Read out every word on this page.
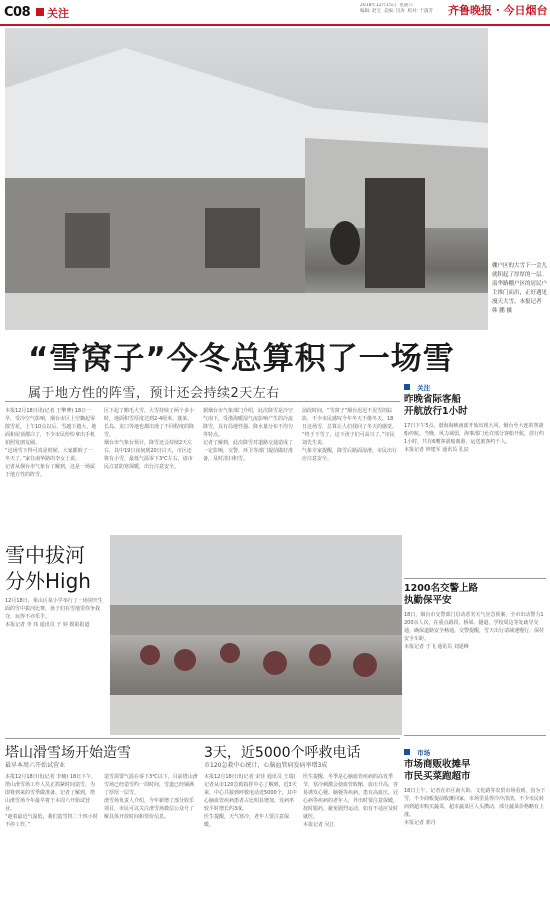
C08 关注
2018年12月15日  星期六
编辑: 赵宝  美编: 闫涛  校对: 于淑芳	齐鲁晚报 · 今日烟台
棚户区的大雪下一会儿就积起了厚厚的一层。南华路棚户区的居民户主推门而出，正好遇见漫天大雪。本报记者 韩 鹏 摄
“雪窝子”今冬总算积了一场雪
属于地方性的阵雪，预计还会持续2天左右
本报12月18日讯(记者 王擎博) 18日一早，受冷空气影响，烟台市区上空飘起零散雪花，上午10点以后，雪越下越大，地面和屋顶都白了，不少市民纷纷拿出手机拍照发朋友圈。
“这场雪下得可真是时候，大家都盼了一冬天了。”家住南华路的李女士说。
记者从烟台市气象台了解到，这是一场属于地方性的阵雪。
区下起了鹅毛大雪，大雪持续了两个多小时，地面积雪厚度达到2-4厘米。蓬莱、长岛、龙口等地也都出现了不同程度的降雪。
烟台市气象台预计，降雪还会持续2天左右，其中19日夜间到20日白天，市区还将有小雪，最低气温零下3℃左右，请市民注意防寒保暖，出行注意安全。
据烟台市气象部门介绍，此次降雪是冷空气南下，受渤海暖湿气流影响产生的冷流降雪，具有局地性强、降水量分布不均匀等特点。
记者了解到，此次降雪对道路交通造成了一定影响，交警、环卫等部门提前做好准备，及时清扫积雪。
前段时间，“雪窝子”烟台迟迟不见雪的踪影，不少市民感叹今年冬天不像冬天。18日这场雪，总算让人们找回了冬天的感觉。
“终于下雪了，这下孩子们可高兴了。”市民刘先生说。
气象专家提醒，降雪后路面湿滑，市民出行应注意安全。
关注
昨晚省际客船
开航放行1小时
17日下午5点，渤海海峡南部开始出现大风，烟台至大连的客滚船停航。当晚，风力减弱，海事部门允许部分客船开航，放行约1小时，共有6艘客滚船离港，运送旅客约千人。
本报记者 钟建军 通讯员 孔辰
1200名交警上路
执勤保平安
18日，烟台市交警部门启动恶劣天气应急预案，全市出动警力1200余人次，在重点路段、桥梁、隧道、学校周边等处疏导交通，确保道路安全畅通。交警提醒，雪天出行请减速慢行，保持安全车距。
本报记者 于飞 通讯员 刘延峰
市场
市场商贩收摊早
市民买菜跑超市
18日上午，记者在市区南大街、文化路等农贸市场看到，因为下雪，不少商贩提前收摊回家，市场里显得冷冷清清。不少市民转而到超市购买蔬菜，超市蔬菜区人头攒动，部分蔬菜价格略有上涨。
本报记者 郭丹
雪中拔河
分外High
12月18日，莱山区某小学举行了一场别开生面的雪中拔河比赛，孩子们在雪地里你争我夺，玩得不亦乐乎。
本报记者 李 玮 通讯员 于 婷 摄影报道
塔山滑雪场开始造雪
最早本周六开始试营业
本报12月18日讯(记者 李楠) 18日下午，塔山滑雪场工作人员正抓紧时间造雪，为即将到来的雪季做准备。记者了解到，塔山滑雪场今年最早将于本周六开始试营业。
“趁着最近气温低，我们造雪机二十四小时不停工作。”
造雪需要气温在零下3℃以下，目前塔山滑雪场已经造雪约一周时间，雪道已经铺满了厚厚一层雪。
滑雪场负责人介绍，今年新增了部分娱乐项目，市民可以关注滑雪场微信公众号了解具体开放时间和票价信息。
3天，近5000个呼救电话
市120急救中心统计，心脑血管病发病率增3成
本报12月18日讯(记者 宋佳 通讯员 王瑞) 记者从市120急救指挥中心了解到，近3天来，中心共接到呼救电话近5000个，其中心脑血管疾病患者占比明显增加，发病率较平时增长约3成。
医生提醒，天气寒冷，老年人要注意保暖。
医生提醒，冬季是心脑血管疾病的高发季节，寒冷刺激会使血管收缩、血压升高，容易诱发心梗、脑梗等疾病。患有高血压、冠心病等疾病的老年人，外出时要注意保暖，按时服药，避免剧烈运动，如有不适应及时就医。
本报记者 吴江
